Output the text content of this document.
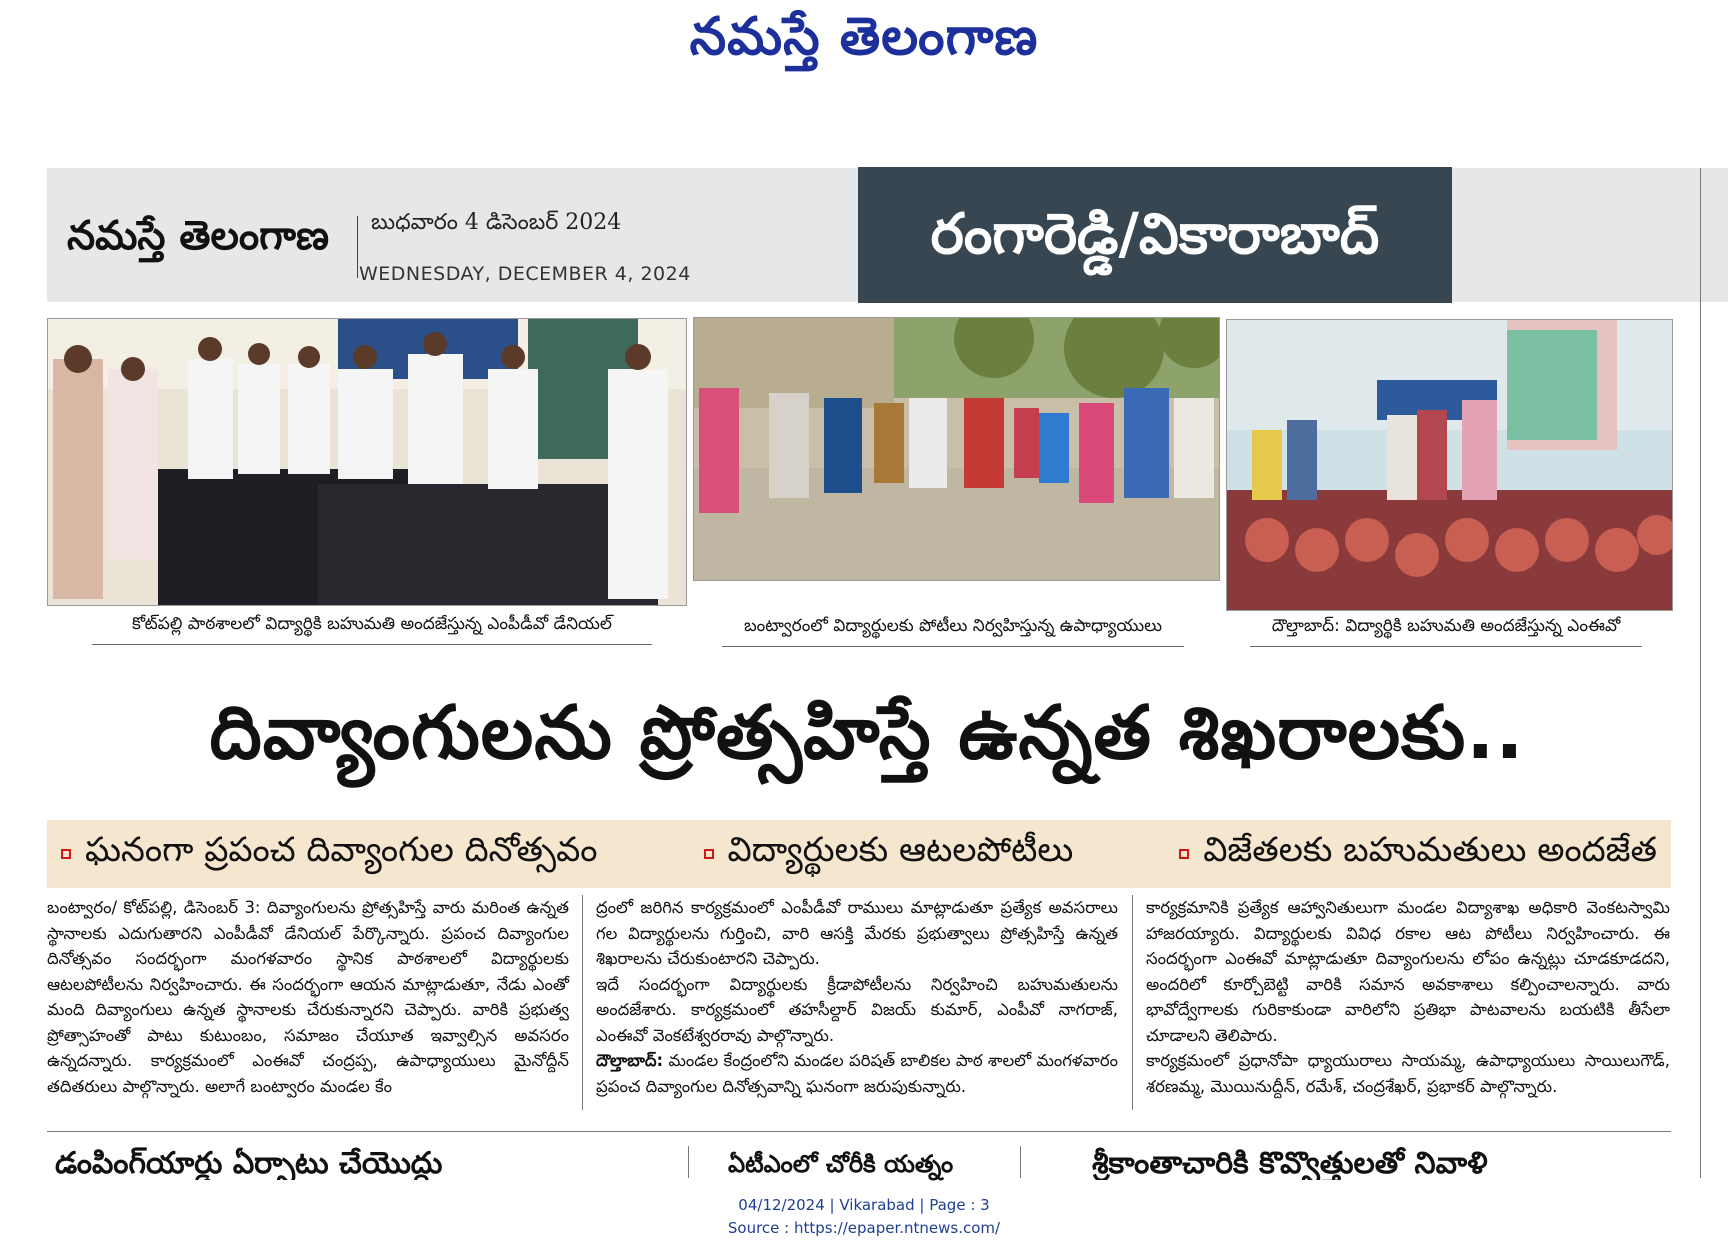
నమస్తే తెలంగాణ
నమస్తే తెలంగాణ బుధవారం 4 డిసెంబర్ 2024
WEDNESDAY, DECEMBER 4, 2024
రంగారెడ్డి/వికారాబాద్
కోట్‌పల్లి పాఠశాలలో విద్యార్థికి బహుమతి అందజేస్తున్న ఎంపీడీవో డేనియల్	బంట్వారంలో విద్యార్థులకు పోటీలు నిర్వహిస్తున్న ఉపాధ్యాయులు	దౌల్తాబాద్: విద్యార్థికి బహుమతి అందజేస్తున్న ఎంఈవో
దివ్యాంగులను ప్రోత్సహిస్తే ఉన్నత శిఖరాలకు..
ఘనంగా ప్రపంచ దివ్యాంగుల దినోత్సవం	విద్యార్థులకు ఆటలపోటీలు	విజేతలకు బహుమతులు అందజేత

బంట్వారం/ కోట్‌పల్లి, డిసెంబర్ 3: దివ్యాంగులను ప్రోత్సహిస్తే వారు మరింత ఉన్నత స్థానాలకు ఎదుగుతారని ఎంపీడీవో డేనియల్ పేర్కొన్నారు. ప్రపంచ దివ్యాంగుల దినోత్సవం సందర్భంగా మంగళవారం స్థానిక పాఠశాలలో విద్యార్థులకు ఆటలపోటీలను నిర్వహించారు. ఈ సందర్భంగా ఆయన మాట్లాడుతూ, నేడు ఎంతో మంది దివ్యాంగులు ఉన్నత స్థానాలకు చేరుకున్నారని చెప్పారు. వారికి ప్రభుత్వ ప్రోత్సాహంతో పాటు కుటుంబం, సమాజం చేయూత ఇవ్వాల్సిన అవసరం ఉన్నదన్నారు. కార్యక్రమంలో ఎంఈవో చంద్రప్ప, ఉపాధ్యాయులు మైనోద్దీన్ తదితరులు పాల్గొన్నారు. అలాగే బంట్వారం మండల కేం

ద్రంలో జరిగిన కార్యక్రమంలో ఎంపీడీవో రాములు మాట్లాడుతూ ప్రత్యేక అవసరాలు గల విద్యార్థులను గుర్తించి, వారి ఆసక్తి మేరకు ప్రభుత్వాలు ప్రోత్సహిస్తే ఉన్నత శిఖరాలను చేరుకుంటారని చెప్పారు.

ఇదే సందర్భంగా విద్యార్థులకు క్రీడాపోటీలను నిర్వహించి బహుమతులను అందజేశారు. కార్యక్రమంలో తహసీల్దార్ విజయ్ కుమార్, ఎంపీవో నాగరాజ్, ఎంఈవో వెంకటేశ్వరరావు పాల్గొన్నారు.

దౌల్తాబాద్: మండల కేంద్రంలోని మండల పరిషత్ బాలికల పాఠ శాలలో మంగళవారం ప్రపంచ దివ్యాంగుల దినోత్సవాన్ని ఘనంగా జరుపుకున్నారు.

కార్యక్రమానికి ప్రత్యేక ఆహ్వానితులుగా మండల విద్యాశాఖ అధికారి వెంకటస్వామి హాజరయ్యారు. విద్యార్థులకు వివిధ రకాల ఆట పోటీలు నిర్వహించారు. ఈ సందర్భంగా ఎంఈవో మాట్లాడుతూ దివ్యాంగులను లోపం ఉన్నట్లు చూడకూడదని, అందరిలో కూర్చోబెట్టి వారికి సమాన అవకాశాలు కల్పించాలన్నారు. వారు భావోద్వేగాలకు గురికాకుండా వారిలోని ప్రతిభా పాటవాలను బయటికి తీసేలా చూడాలని తెలిపారు.

కార్యక్రమంలో ప్రధానోపా ధ్యాయురాలు సాయమ్మ, ఉపాధ్యాయులు సాయిలుగౌడ్, శరణమ్మ, మొయినుద్దీన్, రమేశ్, చంద్రశేఖర్, ప్రభాకర్ పాల్గొన్నారు.

డంపింగ్‌యార్డు ఏర్పాటు చేయొద్దు	ఏటీఎంలో చోరీకి యత్నం	శ్రీకాంతాచారికి కొవ్వొత్తులతో నివాళి
04/12/2024 | Vikarabad | Page : 3
Source : https://epaper.ntnews.com/
